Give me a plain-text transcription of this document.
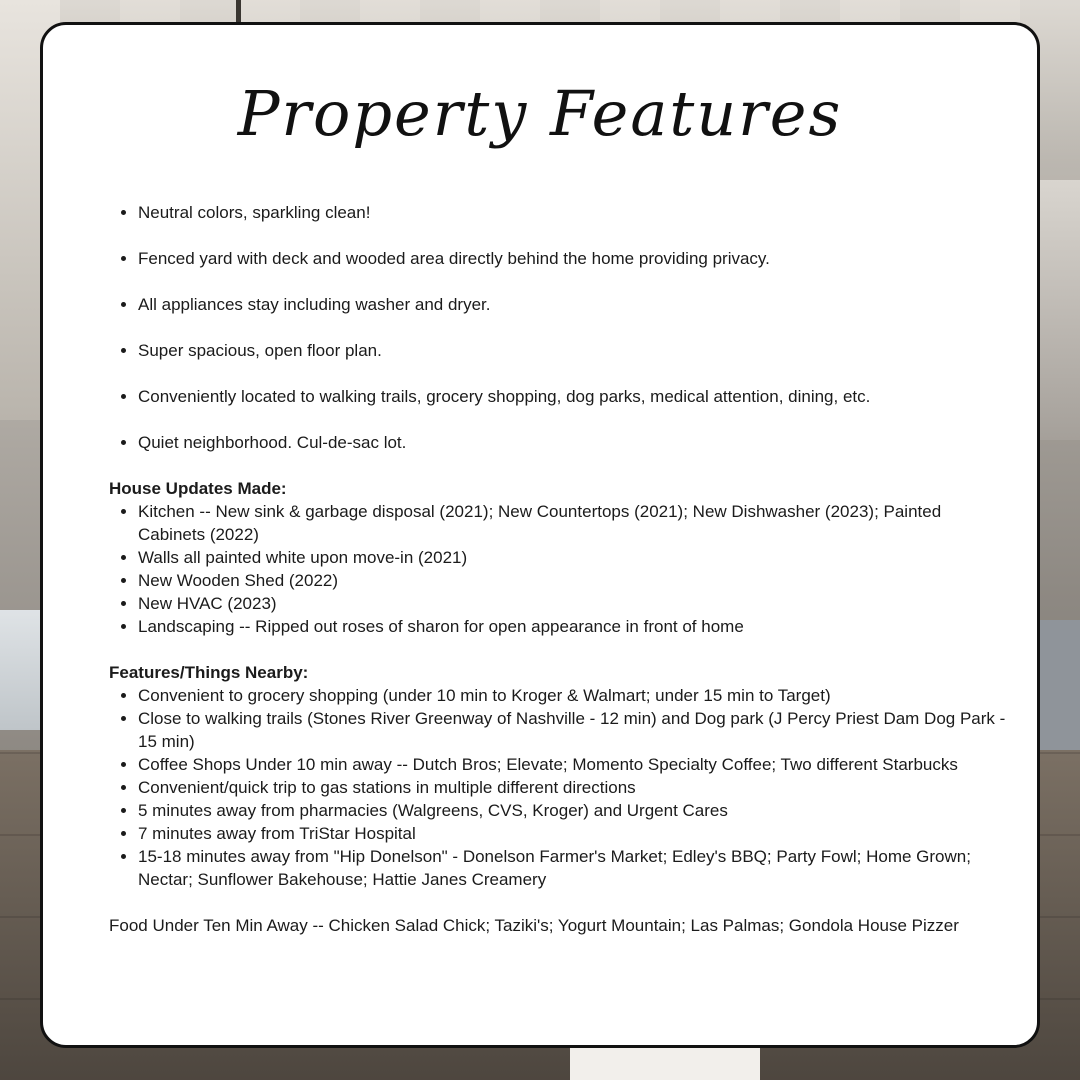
Property Features
• Neutral colors, sparkling clean!
• Fenced yard with deck and wooded area directly behind the home providing privacy.
• All appliances stay including washer and dryer.
• Super spacious, open floor plan.
• Conveniently located to walking trails, grocery shopping, dog parks, medical attention, dining, etc.
• Quiet neighborhood. Cul-de-sac lot.

House Updates Made:

• Kitchen -- New sink & garbage disposal (2021); New Countertops (2021); New Dishwasher (2023); Painted Cabinets (2022)
• Walls all painted white upon move-in (2021)
• New Wooden Shed (2022)
• New HVAC (2023)
• Landscaping -- Ripped out roses of sharon for open appearance in front of home

Features/Things Nearby:

• Convenient to grocery shopping (under 10 min to Kroger & Walmart; under 15 min to Target)
• Close to walking trails (Stones River Greenway of Nashville - 12 min) and Dog park (J Percy Priest Dam Dog Park - 15 min)
• Coffee Shops Under 10 min away -- Dutch Bros; Elevate; Momento Specialty Coffee; Two different Starbucks
• Convenient/quick trip to gas stations in multiple different directions
• 5 minutes away from pharmacies (Walgreens, CVS, Kroger) and Urgent Cares
• 7 minutes away from TriStar Hospital
• 15-18 minutes away from "Hip Donelson" - Donelson Farmer's Market; Edley's BBQ; Party Fowl; Home Grown; Nectar; Sunflower Bakehouse; Hattie Janes Creamery

Food Under Ten Min Away -- Chicken Salad Chick; Taziki's; Yogurt Mountain; Las Palmas; Gondola House Pizzer
